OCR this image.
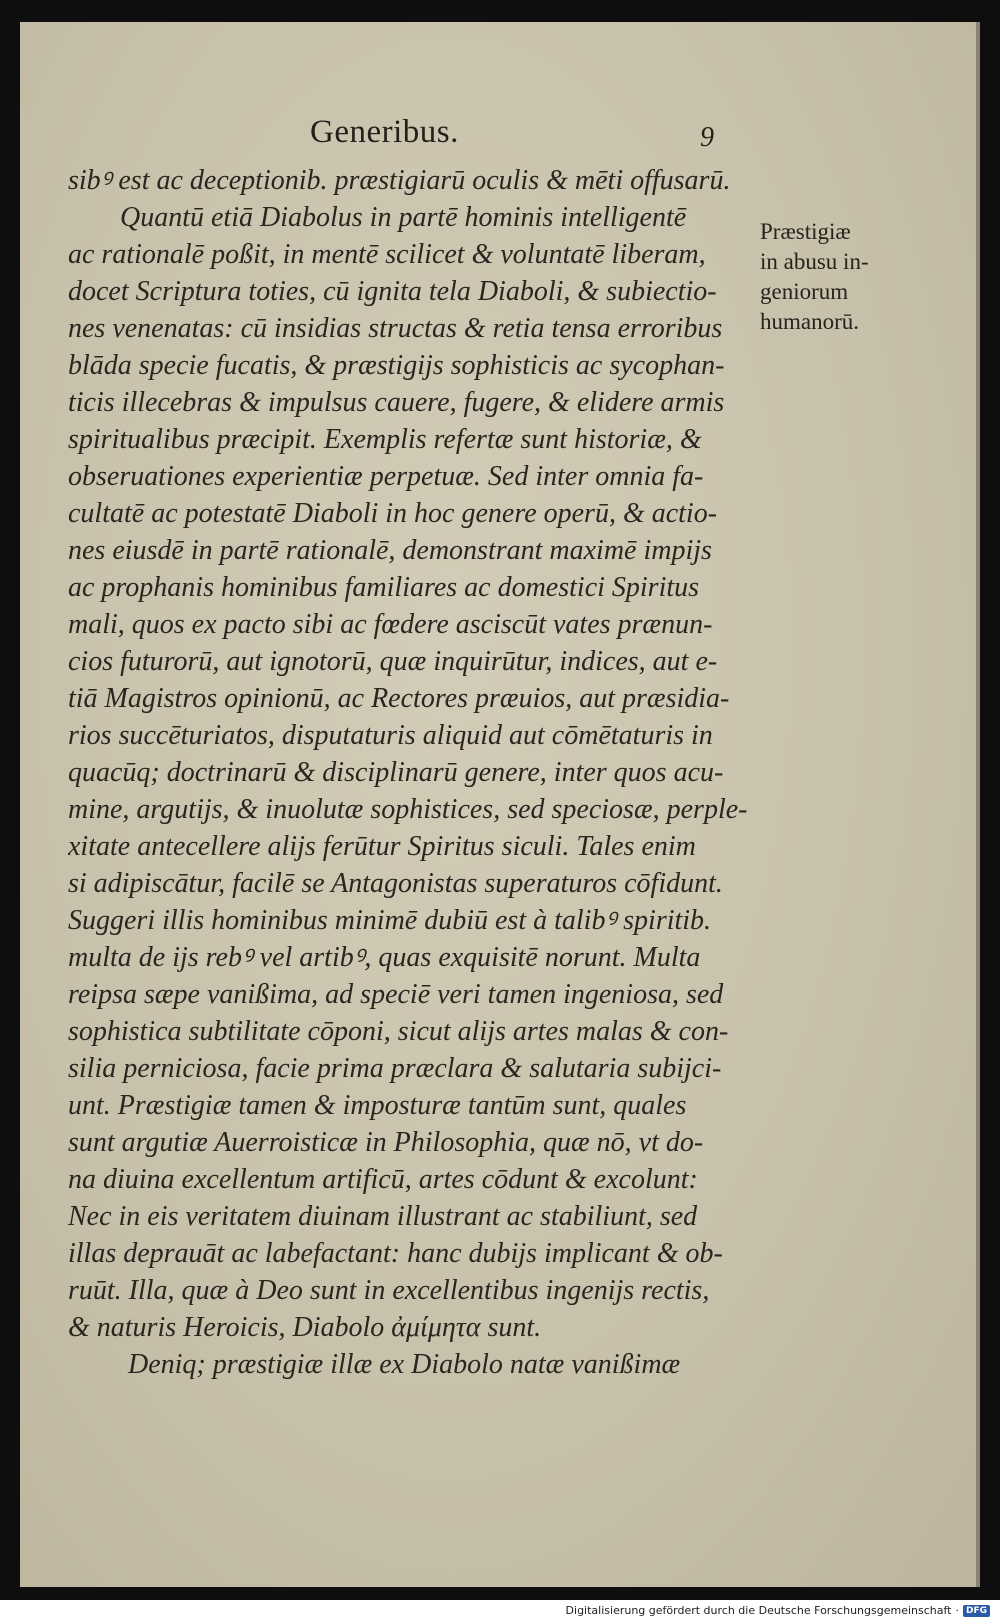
Generibus.	9
sibꝰ est ac deceptionib. præstigiarū oculis & mēti offusarū.
Quantū etiā Diabolus in partē hominis intelligentē
ac rationalē poßit, in mentē scilicet & voluntatē liberam,
docet Scriptura toties, cū ignita tela Diaboli, & subiectio-
nes venenatas: cū insidias structas & retia tensa erroribus
blāda specie fucatis, & præstigijs sophisticis ac sycophan-
ticis illecebras & impulsus cauere, fugere, & elidere armis
spiritualibus præcipit. Exemplis refertæ sunt historiæ, &
obseruationes experientiæ perpetuæ. Sed inter omnia fa-
cultatē ac potestatē Diaboli in hoc genere operū, & actio-
nes eiusdē in partē rationalē, demonstrant maximē impijs
ac prophanis hominibus familiares ac domestici Spiritus
mali, quos ex pacto sibi ac fœdere asciscūt vates prænun-
cios futurorū, aut ignotorū, quæ inquirūtur, indices, aut e-
tiā Magistros opinionū, ac Rectores præuios, aut præsidia-
rios succēturiatos, disputaturis aliquid aut cōmētaturis in
quacūq; doctrinarū & disciplinarū genere, inter quos acu-
mine, argutijs, & inuolutæ sophistices, sed speciosæ, perple-
xitate antecellere alijs ferūtur Spiritus siculi. Tales enim
si adipiscātur, facilē se Antagonistas superaturos cōfidunt.
Suggeri illis hominibus minimē dubiū est à talibꝰ spiritib.
multa de ijs rebꝰ vel artibꝰ, quas exquisitē norunt. Multa
reipsa sæpe vanißima, ad speciē veri tamen ingeniosa, sed
sophistica subtilitate cōponi, sicut alijs artes malas & con-
silia perniciosa, facie prima præclara & salutaria subijci-
unt. Præstigiæ tamen & imposturæ tantūm sunt, quales
sunt argutiæ Auerroisticæ in Philosophia, quæ nō, vt do-
na diuina excellentum artificū, artes cōdunt & excolunt:
Nec in eis veritatem diuinam illustrant ac stabiliunt, sed
illas deprauāt ac labefactant: hanc dubijs implicant & ob-
ruūt. Illa, quæ à Deo sunt in excellentibus ingenijs rectis,
& naturis Heroicis, Diabolo ἀμίμητα sunt.
Deniq; præstigiæ illæ ex Diabolo natæ vanißimæ
Præstigiæ
in abusu in-
geniorum
humanorū.
Digitalisierung gefördert durch die Deutsche Forschungsgemeinschaft · DFG
